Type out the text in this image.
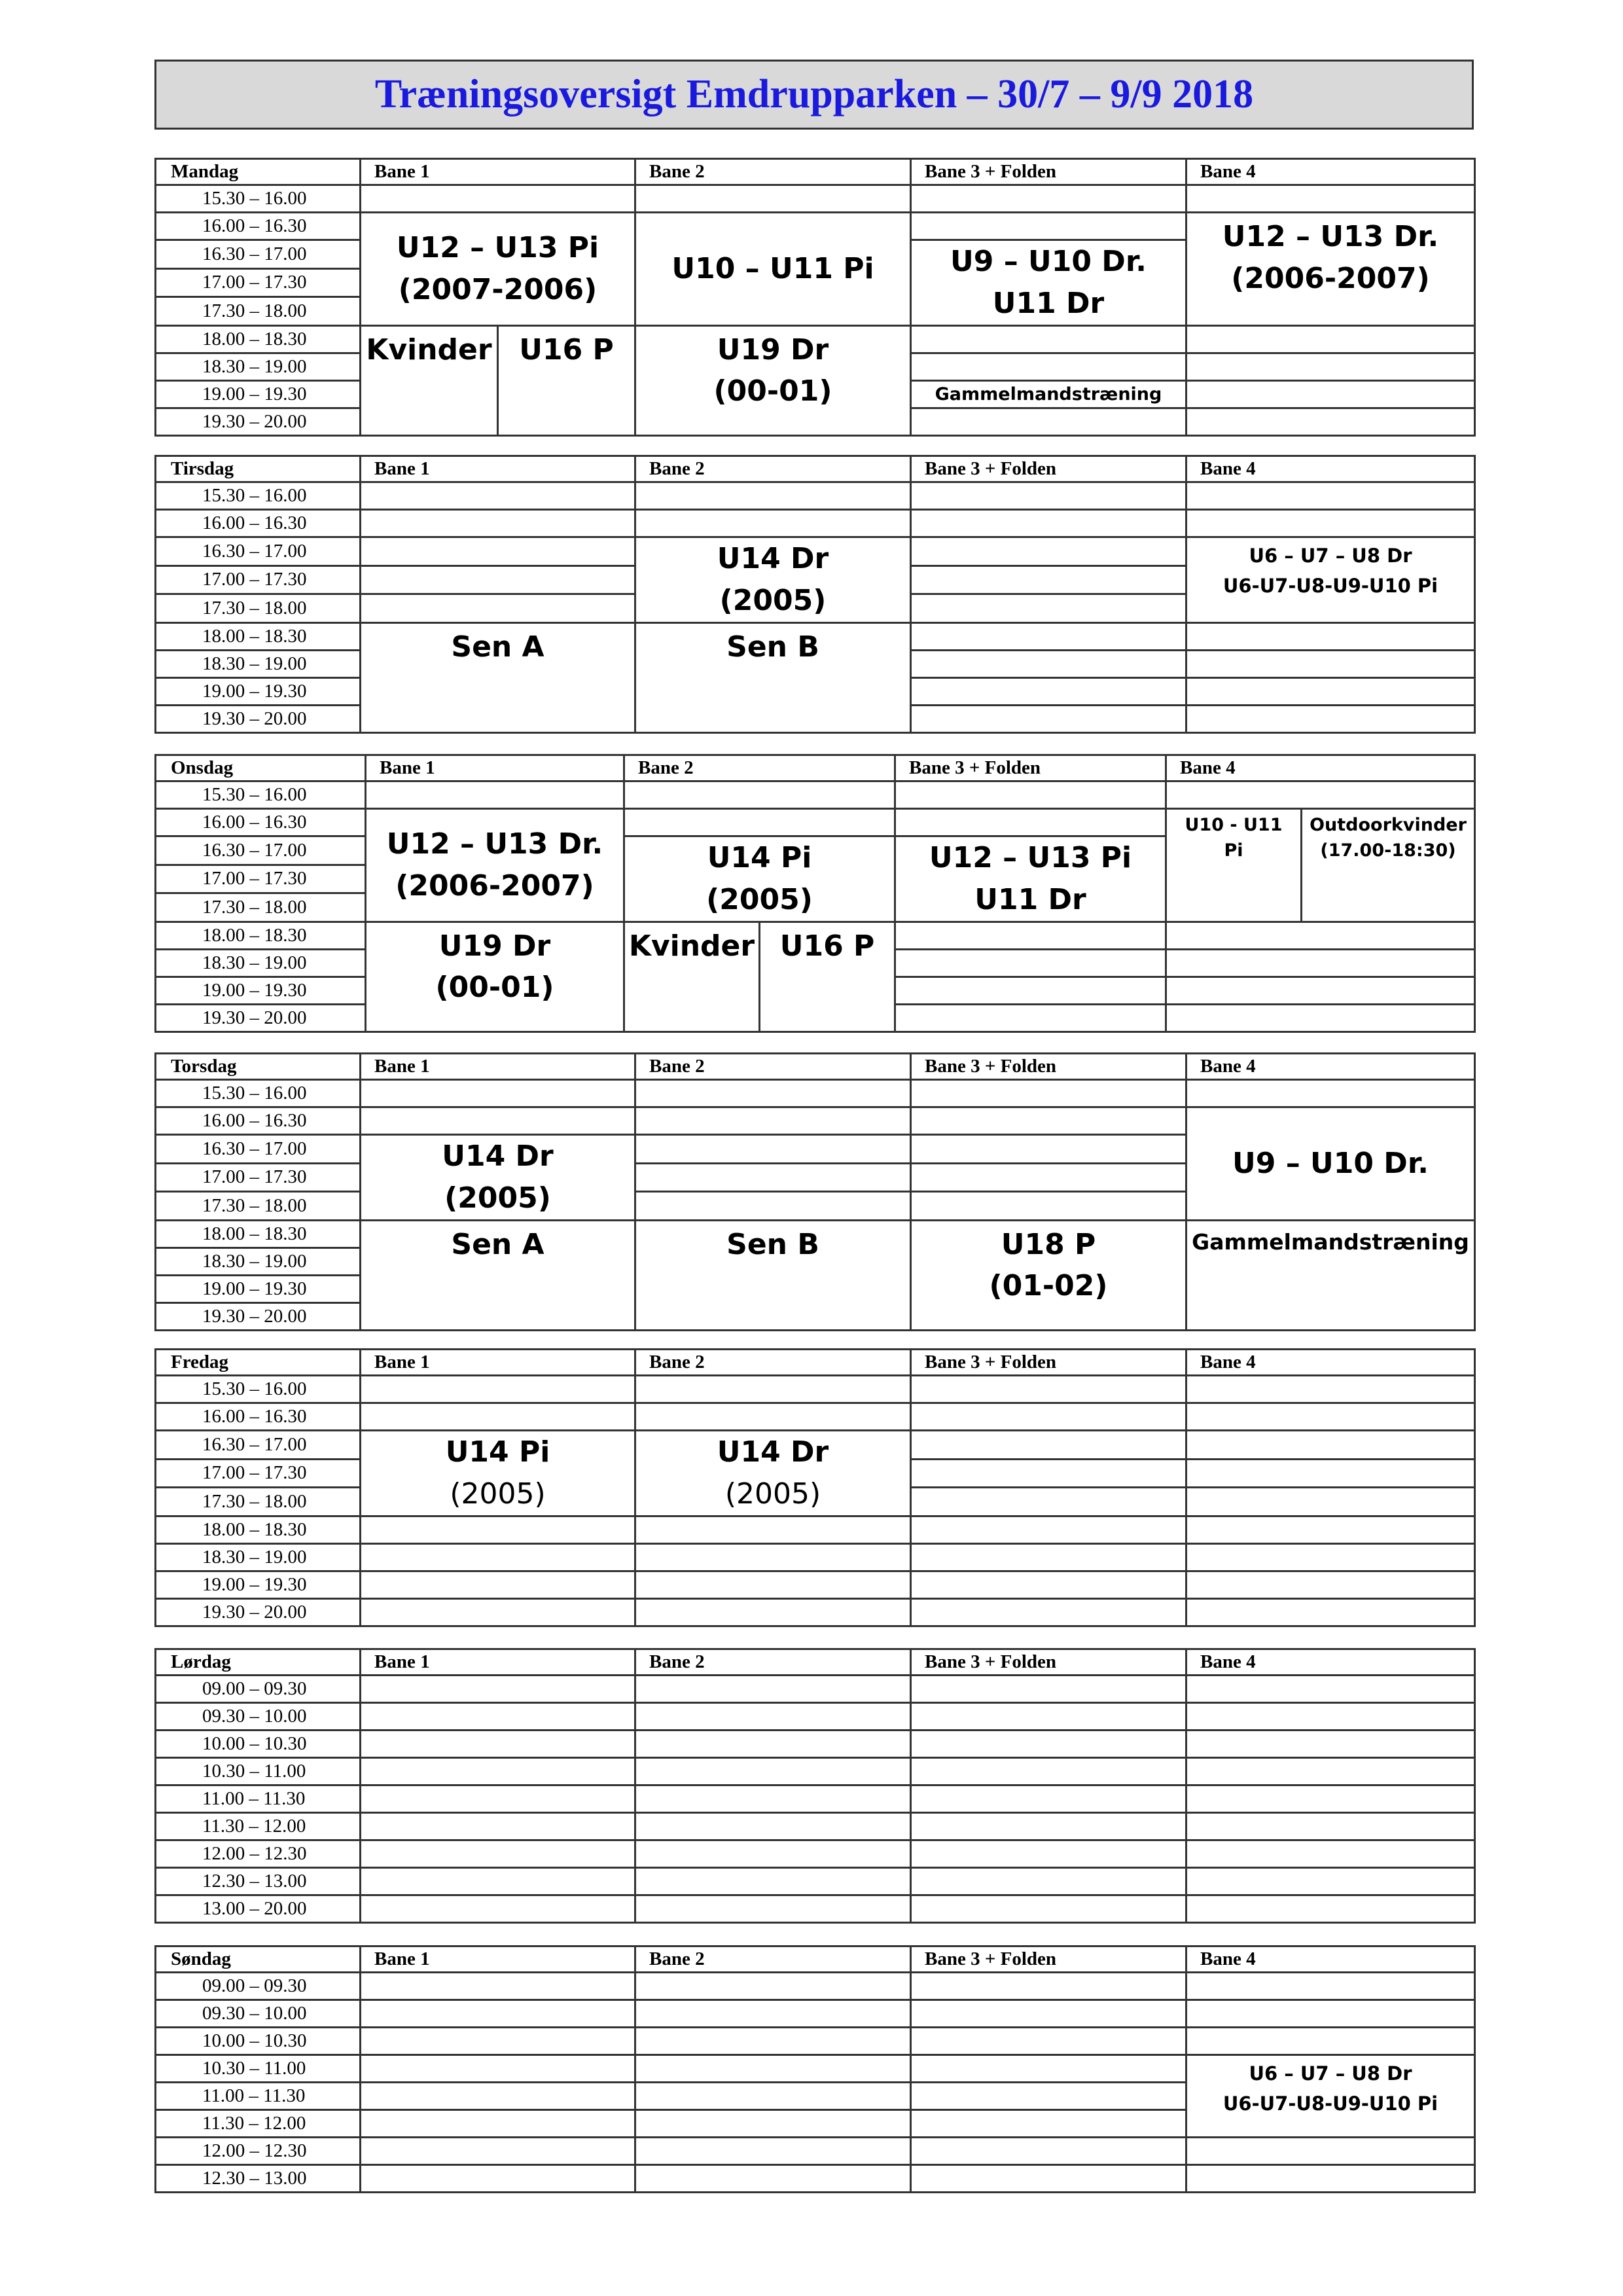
Træningsoversigt Emdrupparken – 30/7 – 9/9 2018
Mandag	Bane 1		Bane 2	Bane 3 + Folden	Bane 4
15.30 – 16.00					
16.00 – 16.30	U12 – U13 Pi
(2007-2006)		U10 – U11 Pi		U12 – U13 Dr.
(2006-2007)

16.30 – 17.00				U9 – U10 Dr.
U11 Dr	

17.00 – 17.30					
17.30 – 18.00					
18.00 – 18.30	Kvinder	U16 P	U19 Dr
(00-01)		

18.30 – 19.00					
19.00 – 19.30				Gammelmandstræning	

19.30 – 20.00					
Tirsdag	Bane 1	Bane 2	Bane 3 + Folden	Bane 4
15.30 – 16.00				
16.00 – 16.30				
16.30 – 17.00		U14 Dr
(2005)		U6 – U7 – U8 Dr
U6-U7-U8-U9-U10 Pi

17.00 – 17.30				
17.30 – 18.00				
18.00 – 18.30	Sen A	Sen B		

18.30 – 19.00				
19.00 – 19.30				
19.30 – 20.00				
Onsdag	Bane 1	Bane 2		Bane 3 + Folden	Bane 4	
15.30 – 16.00						
16.00 – 16.30	U12 – U13 Dr.
(2006-2007)				U10 - U11
Pi	Outdoorkvinder
(17.00-18:30)

16.30 – 17.00		U14 Pi
(2005)		U12 – U13 Pi
U11 Dr		

17.00 – 17.30						
17.30 – 18.00						
18.00 – 18.30	U19 Dr
(00-01)	Kvinder	U16 P			

18.30 – 19.00						
19.00 – 19.30						
19.30 – 20.00						
Torsdag	Bane 1	Bane 2	Bane 3 + Folden	Bane 4
15.30 – 16.00				
16.00 – 16.30				U9 – U10 Dr.

16.30 – 17.00	U14 Dr
(2005)			

17.00 – 17.30				
17.30 – 18.00				
18.00 – 18.30	Sen A	Sen B	U18 P
(01-02)	Gammelmandstræning

18.30 – 19.00				
19.00 – 19.30				
19.30 – 20.00				
Fredag	Bane 1	Bane 2	Bane 3 + Folden	Bane 4
15.30 – 16.00				
16.00 – 16.30				
16.30 – 17.00	U14 Pi
(2005)	U14 Dr
(2005)		

17.00 – 17.30				
17.30 – 18.00				
18.00 – 18.30				
18.30 – 19.00				
19.00 – 19.30				
19.30 – 20.00				
Lørdag	Bane 1	Bane 2	Bane 3 + Folden	Bane 4
09.00 – 09.30				
09.30 – 10.00				
10.00 – 10.30				
10.30 – 11.00				
11.00 – 11.30				
11.30 – 12.00				
12.00 – 12.30				
12.30 – 13.00				
13.00 – 20.00				
Søndag	Bane 1	Bane 2	Bane 3 + Folden	Bane 4
09.00 – 09.30				
09.30 – 10.00				
10.00 – 10.30				
10.30 – 11.00				U6 – U7 – U8 Dr
U6-U7-U8-U9-U10 Pi

11.00 – 11.30				
11.30 – 12.00				
12.00 – 12.30				
12.30 – 13.00				
